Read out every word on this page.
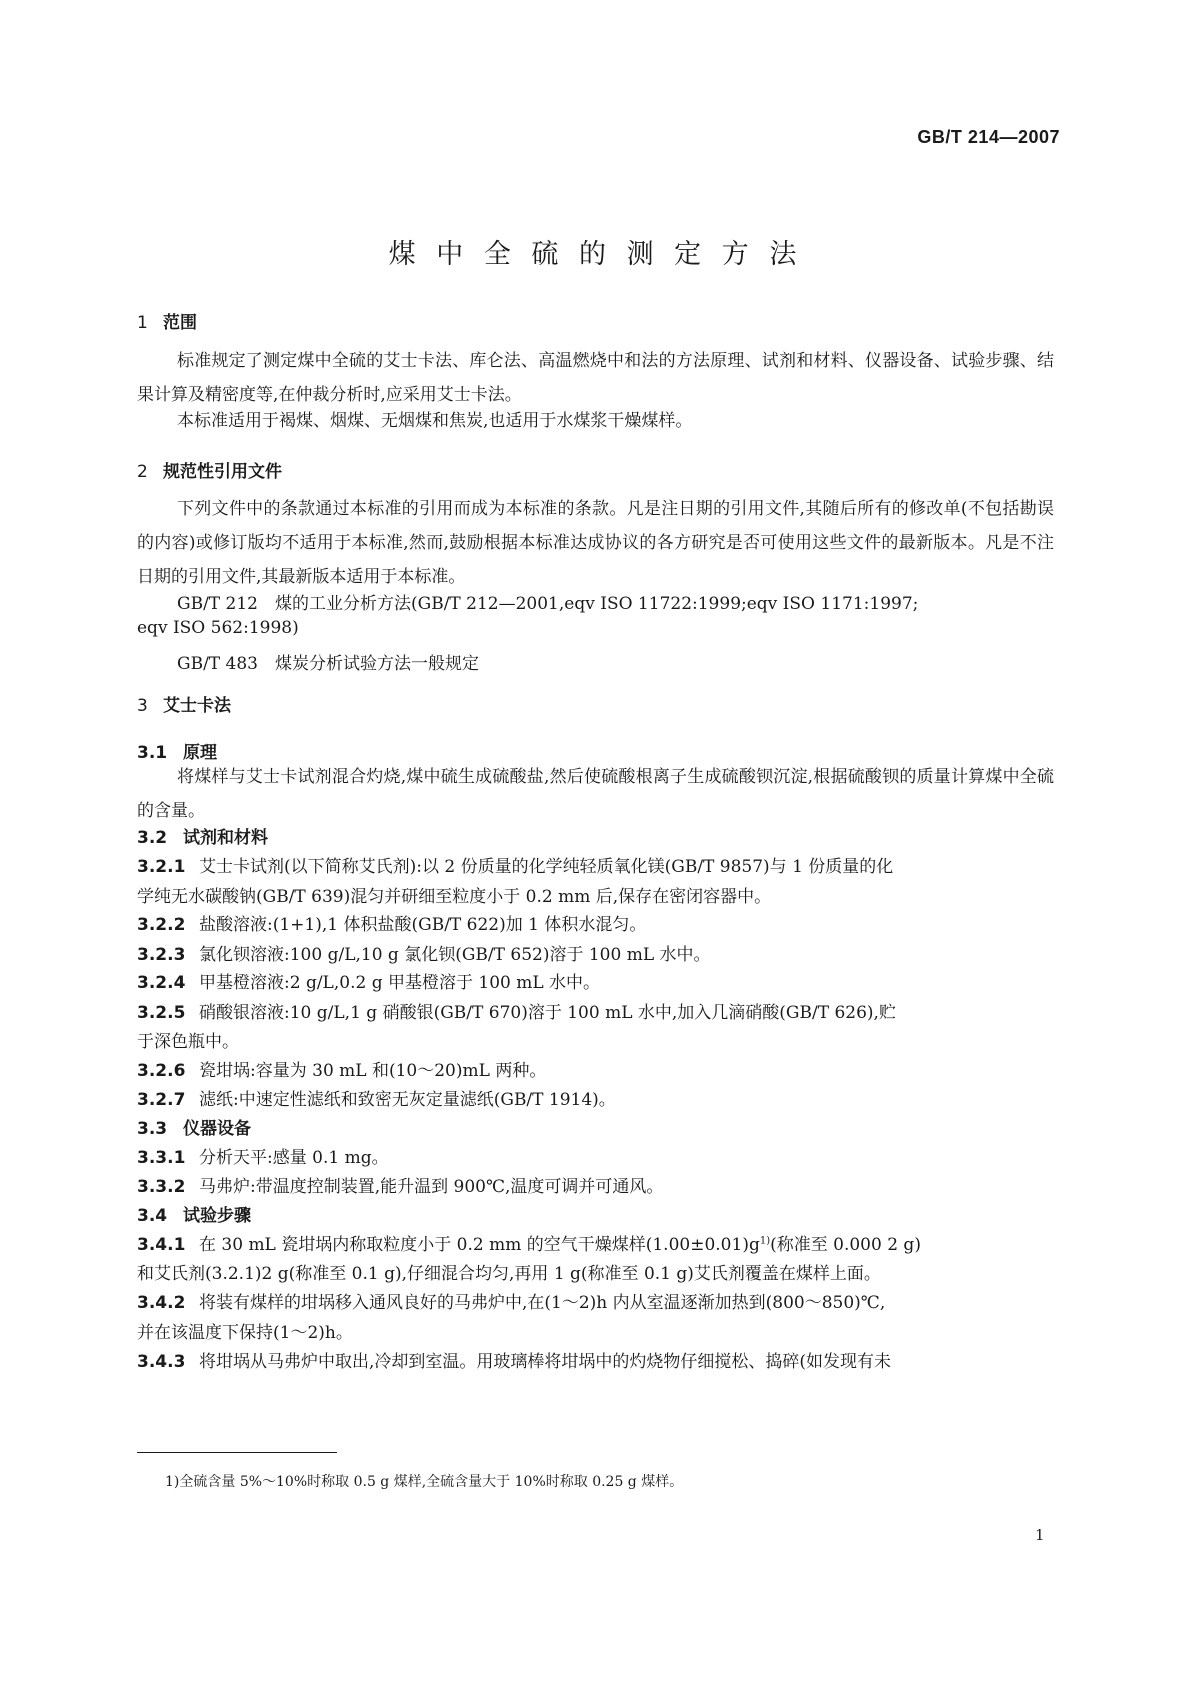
GB/T 214—2007
煤 中 全 硫 的 测 定 方 法
1 范围
标准规定了测定煤中全硫的艾士卡法、库仑法、高温燃烧中和法的方法原理、试剂和材料、仪器设备、试验步骤、结果计算及精密度等,在仲裁分析时,应采用艾士卡法。
本标准适用于褐煤、烟煤、无烟煤和焦炭,也适用于水煤浆干燥煤样。
2 规范性引用文件
下列文件中的条款通过本标准的引用而成为本标准的条款。凡是注日期的引用文件,其随后所有的修改单(不包括勘误的内容)或修订版均不适用于本标准,然而,鼓励根据本标准达成协议的各方研究是否可使用这些文件的最新版本。凡是不注日期的引用文件,其最新版本适用于本标准。
GB/T 212　煤的工业分析方法(GB/T 212—2001,eqv ISO 11722:1999;eqv ISO 1171:1997;
eqv ISO 562:1998)
GB/T 483　煤炭分析试验方法一般规定
3 艾士卡法
3.1 原理
将煤样与艾士卡试剂混合灼烧,煤中硫生成硫酸盐,然后使硫酸根离子生成硫酸钡沉淀,根据硫酸钡的质量计算煤中全硫的含量。
3.2 试剂和材料
3.2.1 艾士卡试剂(以下简称艾氏剂):以 2 份质量的化学纯轻质氧化镁(GB/T 9857)与 1 份质量的化
学纯无水碳酸钠(GB/T 639)混匀并研细至粒度小于 0.2 mm 后,保存在密闭容器中。
3.2.2 盐酸溶液:(1+1),1 体积盐酸(GB/T 622)加 1 体积水混匀。
3.2.3 氯化钡溶液:100 g/L,10 g 氯化钡(GB/T 652)溶于 100 mL 水中。
3.2.4 甲基橙溶液:2 g/L,0.2 g 甲基橙溶于 100 mL 水中。
3.2.5 硝酸银溶液:10 g/L,1 g 硝酸银(GB/T 670)溶于 100 mL 水中,加入几滴硝酸(GB/T 626),贮
于深色瓶中。
3.2.6 瓷坩埚:容量为 30 mL 和(10～20)mL 两种。
3.2.7 滤纸:中速定性滤纸和致密无灰定量滤纸(GB/T 1914)。
3.3 仪器设备
3.3.1 分析天平:感量 0.1 mg。
3.3.2 马弗炉:带温度控制装置,能升温到 900℃,温度可调并可通风。
3.4 试验步骤
3.4.1 在 30 mL 瓷坩埚内称取粒度小于 0.2 mm 的空气干燥煤样$(1.00\pm 0.01)g^{1)}$(称准至 0.000 2 g)
和艾氏剂(3.2.1)2 g(称准至 0.1 g),仔细混合均匀,再用 1 g(称准至 0.1 g)艾氏剂覆盖在煤样上面。
3.4.2 将装有煤样的坩埚移入通风良好的马弗炉中,在(1～2)h 内从室温逐渐加热到(800～850)℃,
并在该温度下保持(1～2)h。
3.4.3 将坩埚从马弗炉中取出,冷却到室温。用玻璃棒将坩埚中的灼烧物仔细搅松、捣碎(如发现有未
1)全硫含量 5%～10%时称取 0.5 g 煤样,全硫含量大于 10%时称取 0.25 g 煤样。
1
